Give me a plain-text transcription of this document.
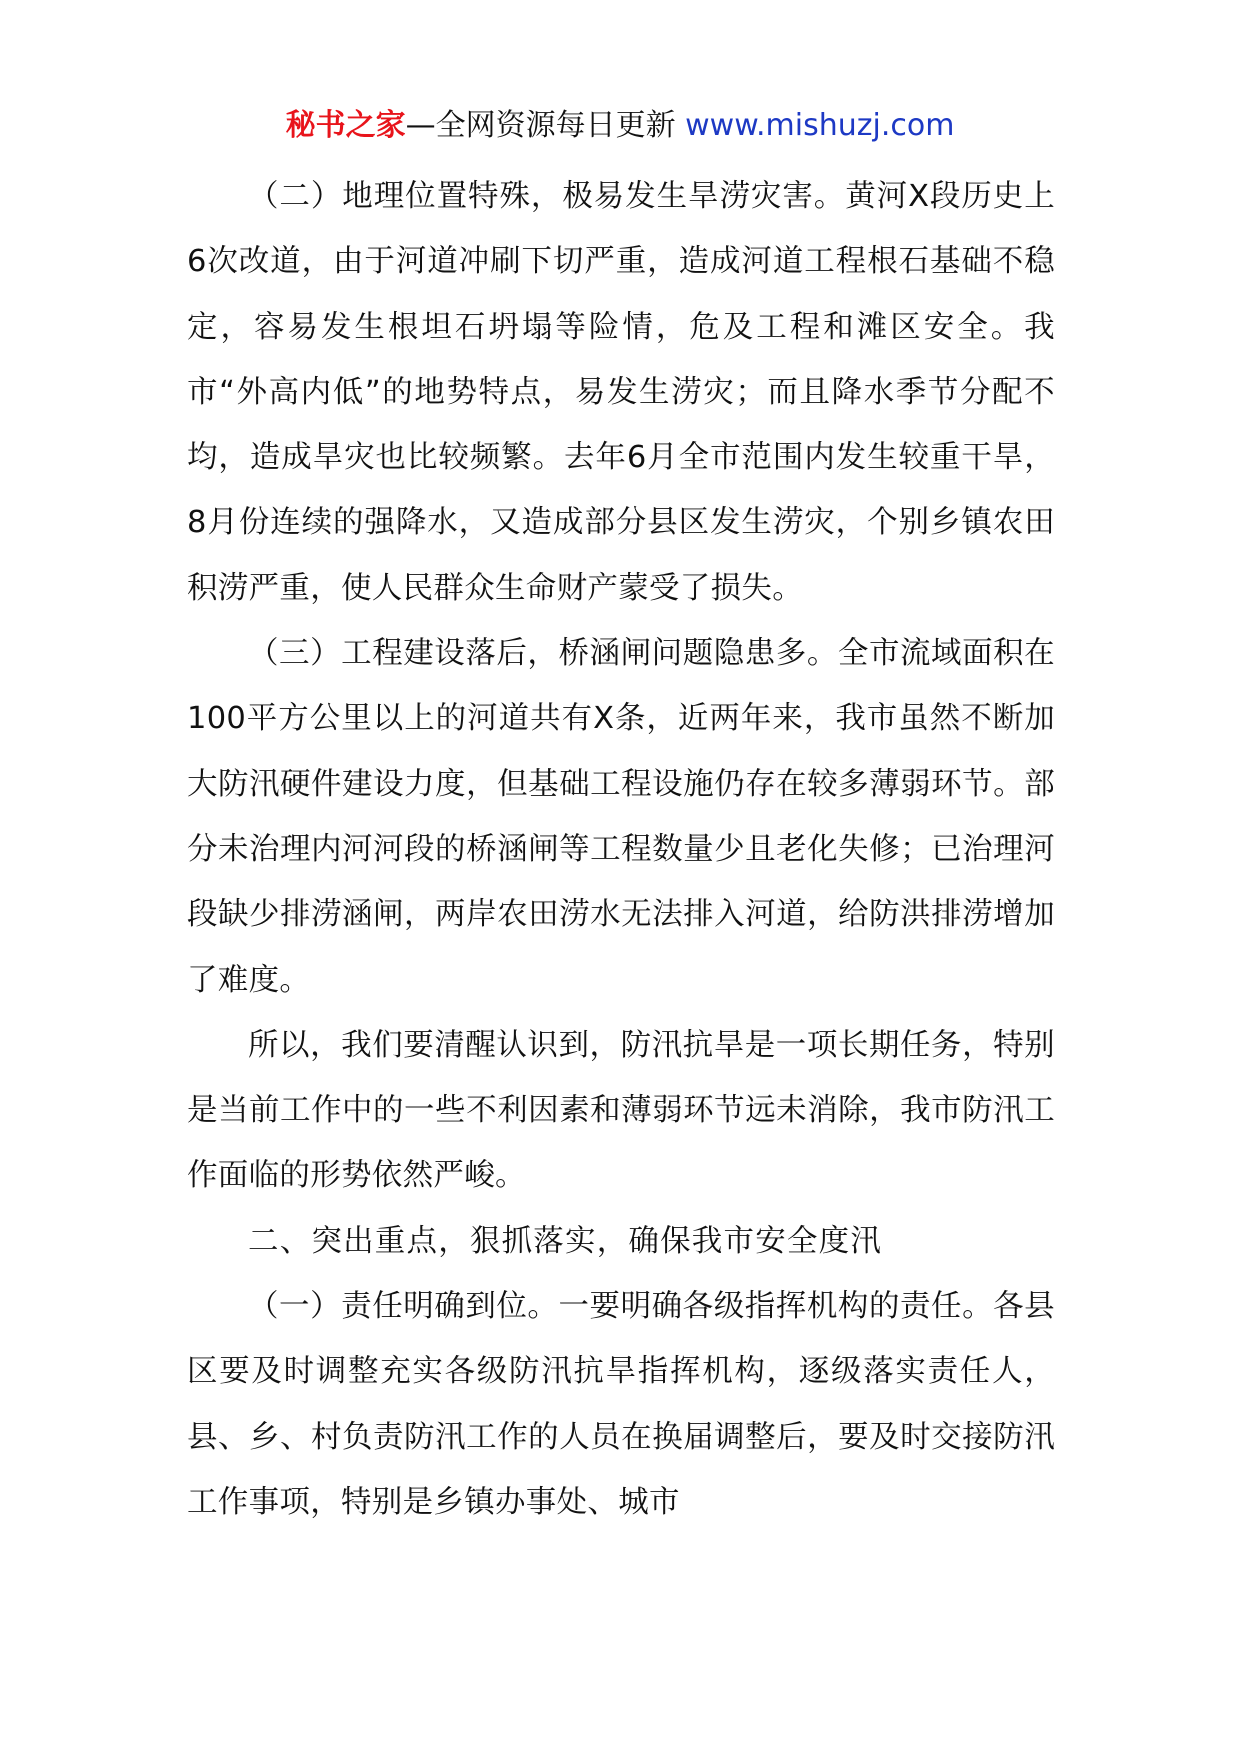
秘书之家—全网资源每日更新 www.mishuzj.com

（二）地理位置特殊，极易发生旱涝灾害。黄河X段历史上6次改道，由于河道冲刷下切严重，造成河道工程根石基础不稳定，容易发生根坦石坍塌等险情，危及工程和滩区安全。我市“外高内低”的地势特点，易发生涝灾；而且降水季节分配不均，造成旱灾也比较频繁。去年6月全市范围内发生较重干旱，8月份连续的强降水，又造成部分县区发生涝灾，个别乡镇农田积涝严重，使人民群众生命财产蒙受了损失。

（三）工程建设落后，桥涵闸问题隐患多。全市流域面积在100平方公里以上的河道共有X条，近两年来，我市虽然不断加大防汛硬件建设力度，但基础工程设施仍存在较多薄弱环节。部分未治理内河河段的桥涵闸等工程数量少且老化失修；已治理河段缺少排涝涵闸，两岸农田涝水无法排入河道，给防洪排涝增加了难度。

所以，我们要清醒认识到，防汛抗旱是一项长期任务，特别是当前工作中的一些不利因素和薄弱环节远未消除，我市防汛工作面临的形势依然严峻。

二、突出重点，狠抓落实，确保我市安全度汛

（一）责任明确到位。一要明确各级指挥机构的责任。各县区要及时调整充实各级防汛抗旱指挥机构，逐级落实责任人，县、乡、村负责防汛工作的人员在换届调整后，要及时交接防汛工作事项，特别是乡镇办事处、城市
